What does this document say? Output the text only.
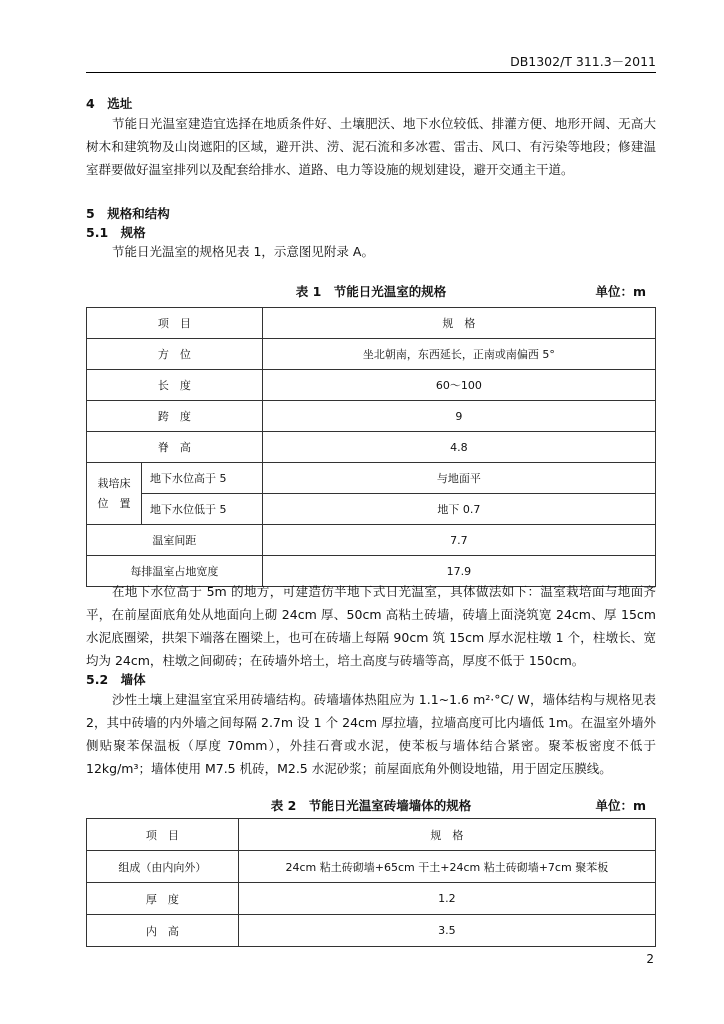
DB1302/T 311.3－2011
4　选址
节能日光温室建造宜选择在地质条件好、土壤肥沃、地下水位较低、排灌方便、地形开阔、无高大树木和建筑物及山岗遮阳的区域，避开洪、涝、泥石流和多冰雹、雷击、风口、有污染等地段；修建温室群要做好温室排列以及配套给排水、道路、电力等设施的规划建设，避开交通主干道。
5　规格和结构
5.1　规格
节能日光温室的规格见表 1，示意图见附录 A。
表 1　节能日光温室的规格	单位：m
项　目		规　格
方　位		坐北朝南，东西延长，正南或南偏西 5°
长　度		60～100
跨　度		9
脊　高		4.8
栽培床位　置	地下水位高于 5	与地面平
	地下水位低于 5	地下 0.7
温室间距		7.7
每排温室占地宽度		17.9
在地下水位高于 5m 的地方，可建造仿半地下式日光温室，具体做法如下：温室栽培面与地面齐平，在前屋面底角处从地面向上砌 24cm 厚、50cm 高粘土砖墙，砖墙上面浇筑宽 24cm、厚 15cm 水泥底圈梁，拱架下端落在圈梁上，也可在砖墙上每隔 90cm 筑 15cm 厚水泥柱墩 1 个，柱墩长、宽均为 24cm，柱墩之间砌砖；在砖墙外培土，培土高度与砖墙等高，厚度不低于 150cm。
5.2　墙体
沙性土壤上建温室宜采用砖墙结构。砖墙墙体热阻应为 1.1~1.6 m²·°C/ W，墙体结构与规格见表 2，其中砖墙的内外墙之间每隔 2.7m 设 1 个 24cm 厚拉墙，拉墙高度可比内墙低 1m。在温室外墙外侧贴聚苯保温板（厚度 70mm），外挂石膏或水泥，使苯板与墙体结合紧密。聚苯板密度不低于 12kg/m³；墙体使用 M7.5 机砖，M2.5 水泥砂浆；前屋面底角外侧设地锚，用于固定压膜线。
表 2　节能日光温室砖墙墙体的规格	单位：m
项　目	规　格
组成（由内向外）	24cm 粘土砖砌墙+65cm 干土+24cm 粘土砖砌墙+7cm 聚苯板
厚　度	1.2
内　高	3.5
2
